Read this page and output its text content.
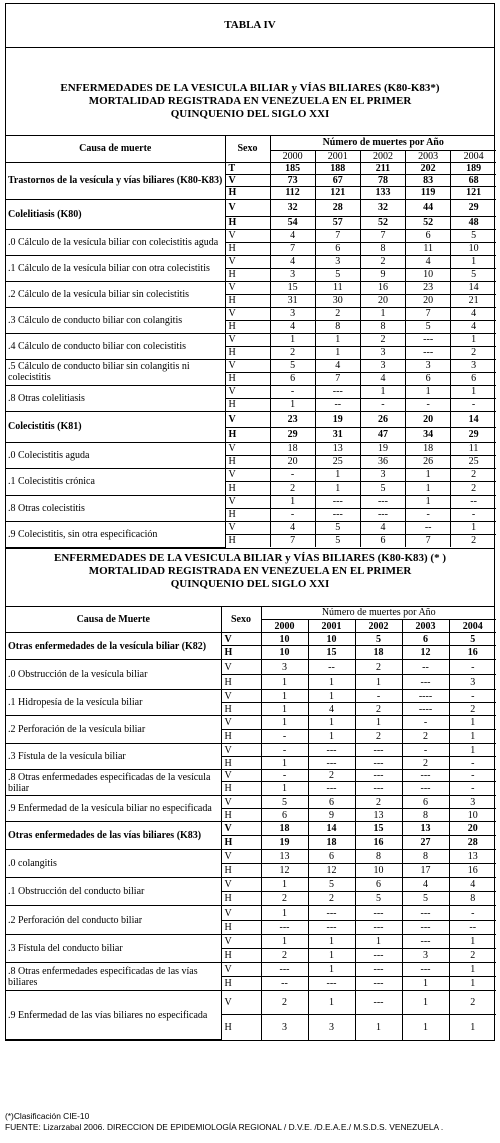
TABLA IV
ENFERMEDADES DE LA VESICULA BILIAR y VÍAS BILIARES (K80-K83*)
MORTALIDAD REGISTRADA EN VENEZUELA EN EL PRIMER
QUINQUENIO DEL SIGLO XXI
Causa de muerte	Sexo	Número de muertes por Año				
		2000	2001	2002	2003	2004
Trastornos de la vesícula y vías biliares (K80-K83)	T	185	188	211	202	189
	V	73	67	78	83	68
	H	112	121	133	119	121
Colelitiasis (K80)	V	32	28	32	44	29
	H	54	57	52	52	48
.0 Cálculo de la vesícula biliar con colecistitis aguda	V	4	7	7	6	5
	H	7	6	8	11	10
.1 Cálculo de la vesícula biliar con otra colecistitis	V	4	3	2	4	1
	H	3	5	9	10	5
.2 Cálculo de la vesícula biliar sin colecistitis	V	15	11	16	23	14
	H	31	30	20	20	21
.3 Cálculo de conducto biliar con colangitis	V	3	2	1	7	4
	H	4	8	8	5	4
.4 Cálculo de conducto biliar con colecistitis	V	1	1	2	---	1
	H	2	1	3	---	2
.5 Cálculo de conducto biliar sin colangitis ni colecistitis	V	5	4	3	3	3
	H	6	7	4	6	6
.8 Otras colelitiasis	V	-	---	1	1	1
	H	1	--	-	-	-
Colecistitis (K81)	V	23	19	26	20	14
	H	29	31	47	34	29
.0 Colecistitis aguda	V	18	13	19	18	11
	H	20	25	36	26	25
.1 Colecistitis crónica	V	-	1	3	1	2
	H	2	1	5	1	2
.8 Otras colecistitis	V	1	---	---	1	--
	H	-	---	---	-	-
.9 Colecistitis, sin otra especificación	V	4	5	4	--	1
	H	7	5	6	7	2
ENFERMEDADES DE LA VESICULA BILIAR y VÍAS BILIARES (K80-K83) (* )
MORTALIDAD REGISTRADA EN VENEZUELA EN EL PRIMER
QUINQUENIO DEL SIGLO XXI
Causa de Muerte	Sexo	Número de muertes por Año				
		2000	2001	2002	2003	2004
Otras enfermedades de la vesícula biliar (K82)	V	10	10	5	6	5
	H	10	15	18	12	16
.0 Obstrucción de la vesícula biliar	V	3	--	2	--	-
	H	1	1	1	---	3
.1 Hidropesía de la vesícula biliar	V	1	1	-	----	-
	H	1	4	2	----	2
.2 Perforación de la vesícula biliar	V	1	1	1	-	1
	H	-	1	2	2	1
.3 Fístula de la vesícula biliar	V	-	---	---	-	1
	H	1	---	---	2	-
.8 Otras enfermedades especificadas de la vesícula biliar	V	-	2	---	---	-
	H	1	---	---	---	-
.9 Enfermedad de la vesícula biliar no especificada	V	5	6	2	6	3
	H	6	9	13	8	10
Otras enfermedades de las vías biliares (K83)	V	18	14	15	13	20
	H	19	18	16	27	28
.0 colangitis	V	13	6	8	8	13
	H	12	12	10	17	16
.1 Obstrucción del conducto biliar	V	1	5	6	4	4
	H	2	2	5	5	8
.2 Perforación del conducto biliar	V	1	---	---	---	-
	H	---	---	---	---	--
.3 Fístula del conducto biliar	V	1	1	1	---	1
	H	2	1	---	3	2
.8 Otras enfermedades especificadas de las vías biliares	V	---	1	---	---	1
	H	--	---	---	1	1
.9 Enfermedad de las vías biliares no especificada	V	2	1	---	1	2
	H	3	3	1	1	1
(*)Clasificación CIE-10
FUENTE: Lizarzabal 2006. DIRECCION DE EPIDEMIOLOGÍA REGIONAL / D.V.E. /D.E.A.E./ M.S.D.S. VENEZUELA .
